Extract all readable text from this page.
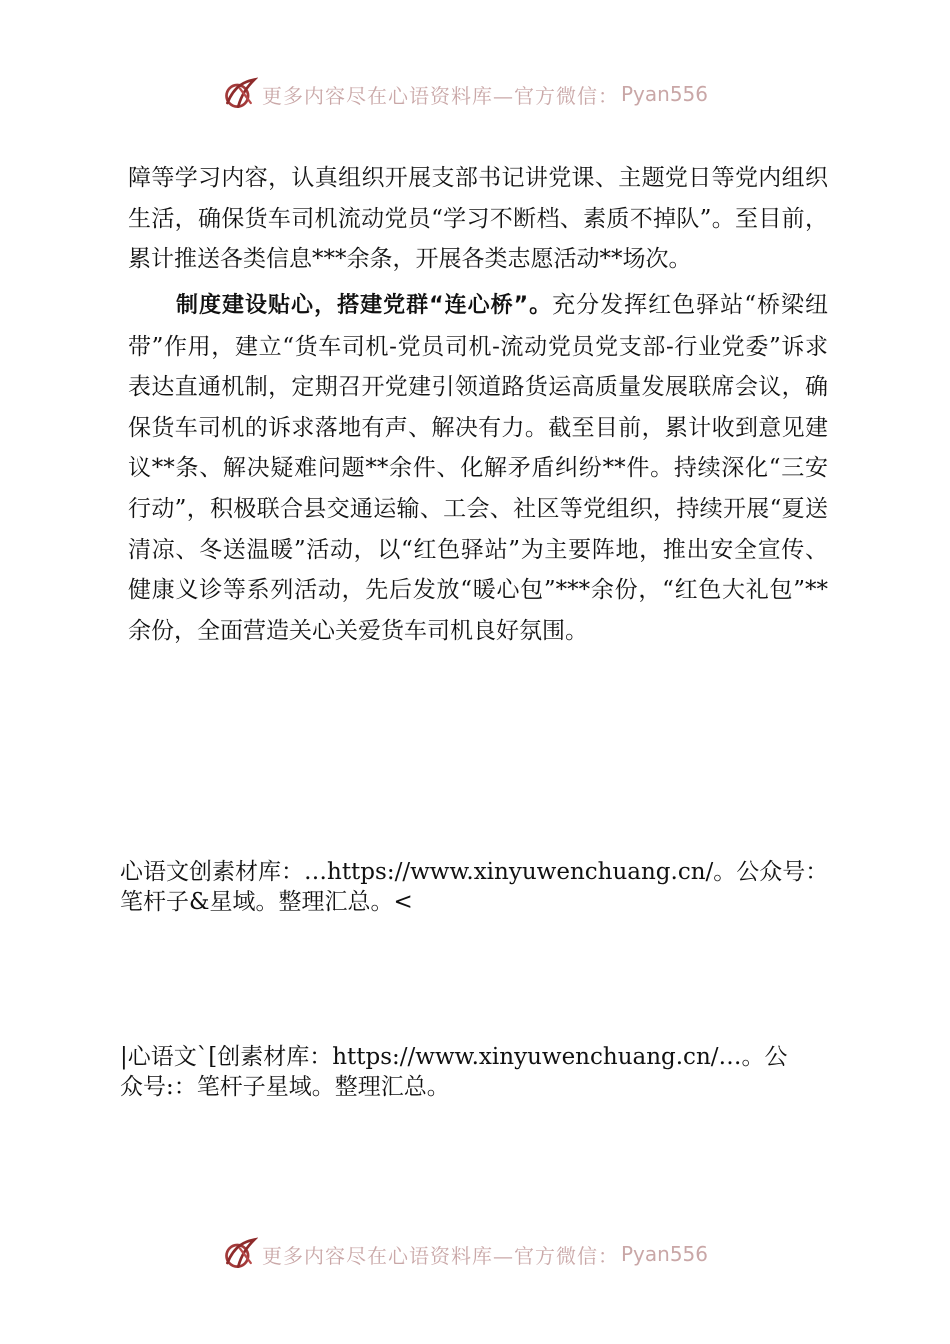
更多内容尽在心语资料库—官方微信： Pyan556

障等学习内容，认真组织开展支部书记讲党课、主题党日等党内组织生活，确保货车司机流动党员“学习不断档、素质不掉队”。至目前，累计推送各类信息***余条，开展各类志愿活动**场次。

制度建设贴心，搭建党群“连心桥”。充分发挥红色驿站“桥梁纽带”作用，建立“货车司机-党员司机-流动党员党支部-行业党委”诉求表达直通机制，定期召开党建引领道路货运高质量发展联席会议，确保货车司机的诉求落地有声、解决有力。截至目前，累计收到意见建议**条、解决疑难问题**余件、化解矛盾纠纷**件。持续深化“三安行动”，积极联合县交通运输、工会、社区等党组织，持续开展“夏送清凉、冬送温暖”活动，以“红色驿站”为主要阵地，推出安全宣传、健康义诊等系列活动，先后发放“暖心包”***余份，“红色大礼包”**余份，全面营造关心关爱货车司机良好氛围。

心语文创素材库：…https://www.xinyuwenchuang.cn/。公众号：
笔杆子&星域。整理汇总。<

|心语文`[创素材库：https://www.xinyuwenchuang.cn/…。公
众号:：笔杆子星域。整理汇总。

更多内容尽在心语资料库—官方微信： Pyan556
